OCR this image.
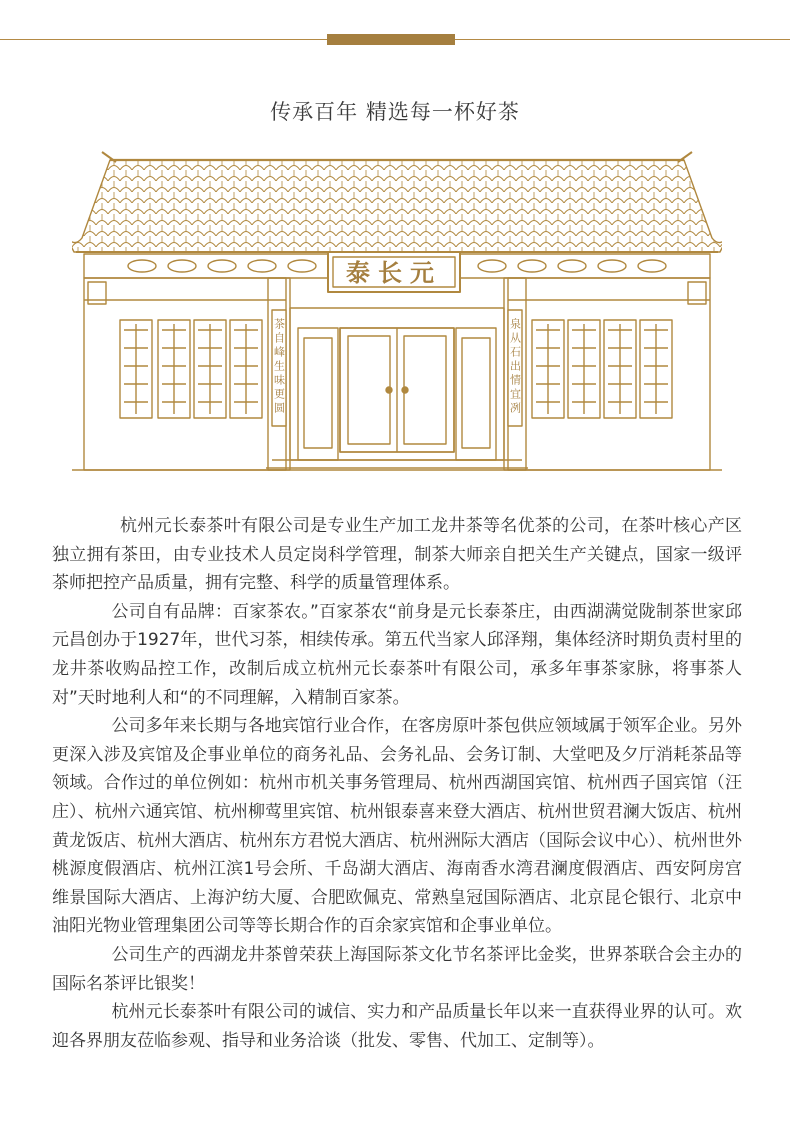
传承百年 精选每一杯好茶
泰长元
茶自峰生味更圆	泉从石出情宜冽

杭州元长泰茶叶有限公司是专业生产加工龙井茶等名优茶的公司，在茶叶核心产区独立拥有茶田，由专业技术人员定岗科学管理，制茶大师亲自把关生产关键点，国家一级评茶师把控产品质量，拥有完整、科学的质量管理体系。

公司自有品牌：百家茶农。”百家茶农“前身是元长泰茶庄，由西湖满觉陇制茶世家邱元昌创办于1927年，世代习茶，相续传承。第五代当家人邱泽翔，集体经济时期负责村里的龙井茶收购品控工作，改制后成立杭州元长泰茶叶有限公司，承多年事茶家脉，将事茶人对”天时地利人和“的不同理解，入精制百家茶。

公司多年来长期与各地宾馆行业合作，在客房原叶茶包供应领域属于领军企业。另外更深入涉及宾馆及企事业单位的商务礼品、会务礼品、会务订制、大堂吧及夕厅消耗茶品等领域。合作过的单位例如：杭州市机关事务管理局、杭州西湖国宾馆、杭州西子国宾馆（汪庄）、杭州六通宾馆、杭州柳莺里宾馆、杭州银泰喜来登大酒店、杭州世贸君澜大饭店、杭州黄龙饭店、杭州大酒店、杭州东方君悦大酒店、杭州洲际大酒店（国际会议中心）、杭州世外桃源度假酒店、杭州江滨1号会所、千岛湖大酒店、海南香水湾君澜度假酒店、西安阿房宫维景国际大酒店、上海沪纺大厦、合肥欧佩克、常熟皇冠国际酒店、北京昆仑银行、北京中油阳光物业管理集团公司等等长期合作的百余家宾馆和企事业单位。

公司生产的西湖龙井茶曾荣获上海国际茶文化节名茶评比金奖，世界茶联合会主办的国际名茶评比银奖！

杭州元长泰茶叶有限公司的诚信、实力和产品质量长年以来一直获得业界的认可。欢迎各界朋友莅临参观、指导和业务洽谈（批发、零售、代加工、定制等）。
